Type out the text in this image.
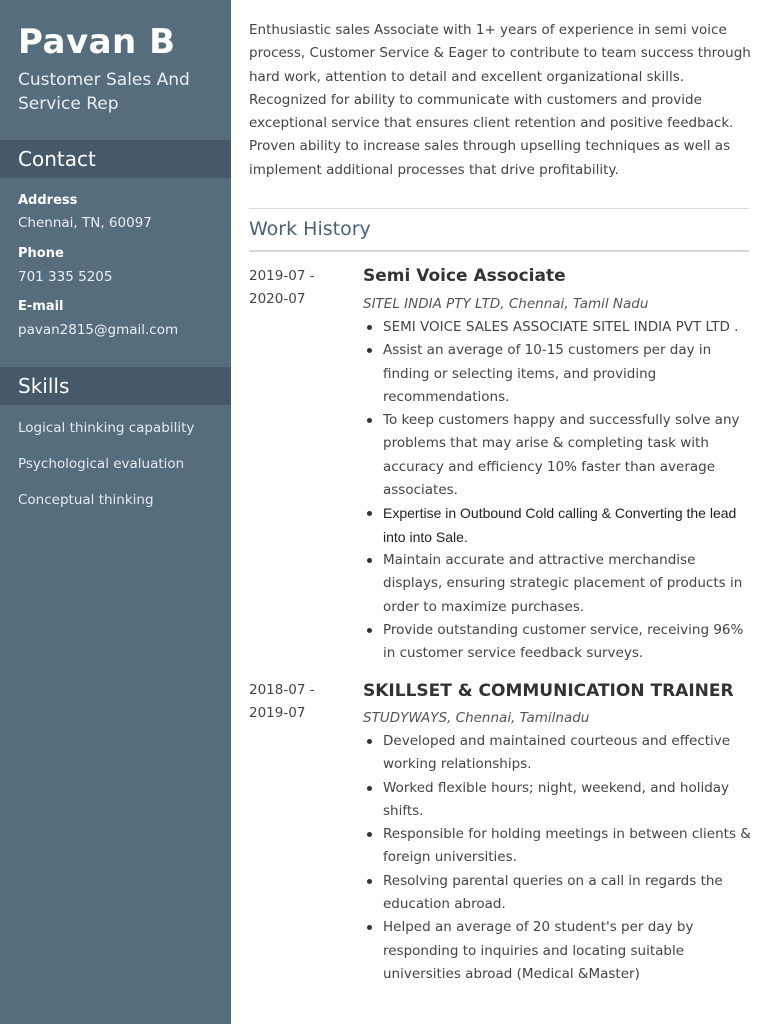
Pavan B
Customer Sales And Service Rep
Contact
Address
Chennai, TN, 60097
Phone
701 335 5205
E-mail
pavan2815@gmail.com
Skills
Logical thinking capability
Psychological evaluation
Conceptual thinking
Enthusiastic sales Associate with 1+ years of experience in semi voice process, Customer Service & Eager to contribute to team success through hard work, attention to detail and excellent organizational skills. Recognized for ability to communicate with customers and provide exceptional service that ensures client retention and positive feedback. Proven ability to increase sales through upselling techniques as well as implement additional processes that drive profitability.
Work History
2019-07 -
2020-07
Semi Voice Associate
SITEL INDIA PTY LTD, Chennai, Tamil Nadu
SEMI VOICE SALES ASSOCIATE SITEL INDIA PVT LTD .
Assist an average of 10-15 customers per day in finding or selecting items, and providing recommendations.
To keep customers happy and successfully solve any problems that may arise & completing task with accuracy and efficiency 10% faster than average associates.
Expertise in Outbound Cold calling & Converting the lead into into Sale.
Maintain accurate and attractive merchandise displays, ensuring strategic placement of products in order to maximize purchases.
Provide outstanding customer service, receiving 96% in customer service feedback surveys.
2018-07 -
2019-07
SKILLSET & COMMUNICATION TRAINER
STUDYWAYS, Chennai, Tamilnadu
Developed and maintained courteous and effective working relationships.
Worked flexible hours; night, weekend, and holiday shifts.
Responsible for holding meetings in between clients & foreign universities.
Resolving parental queries on a call in regards the education abroad.
Helped an average of 20 student's per day by responding to inquiries and locating suitable universities abroad (Medical &Master)
